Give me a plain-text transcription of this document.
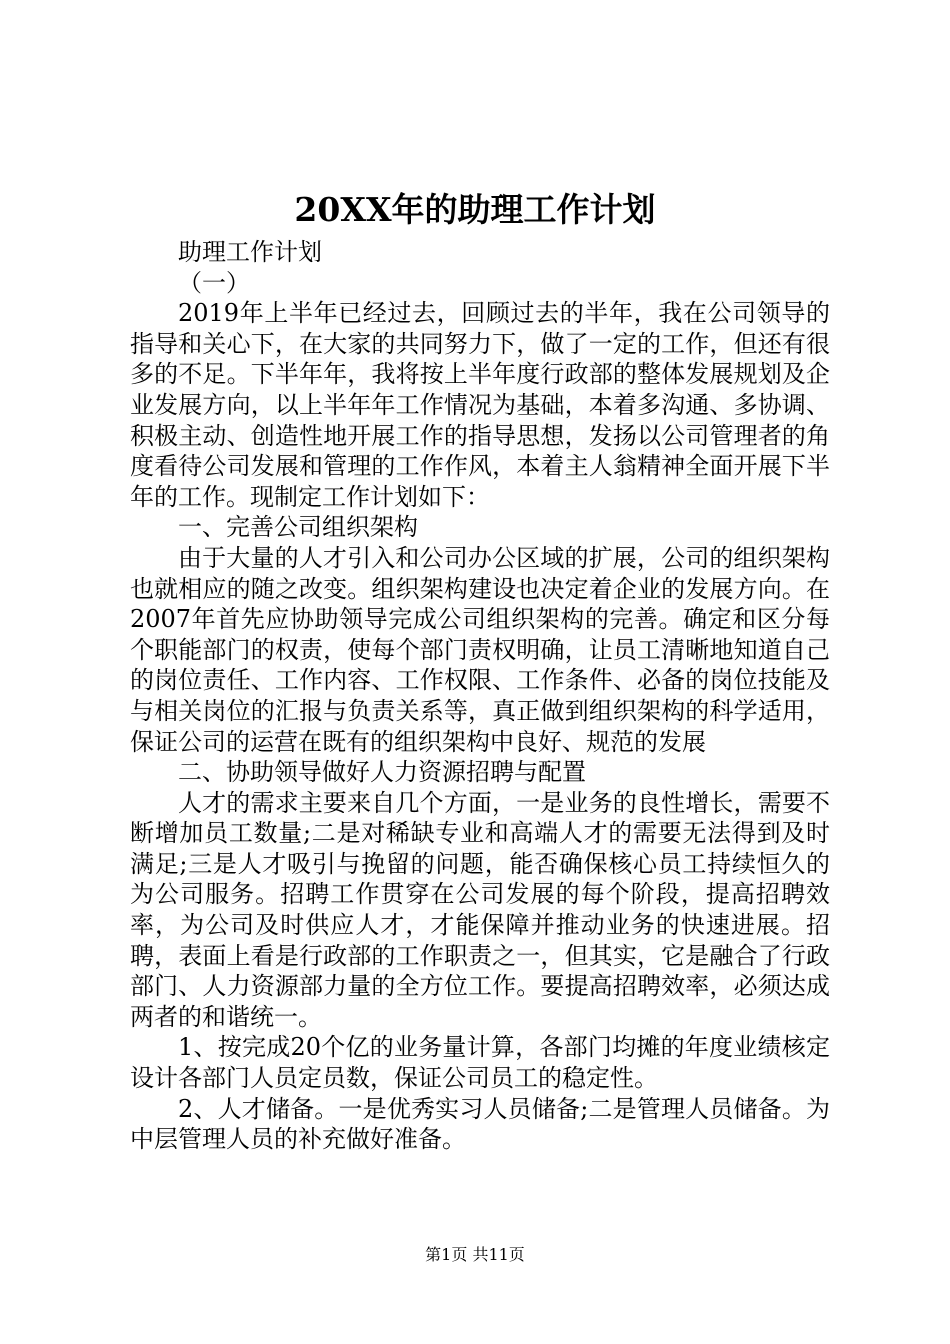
20XX年的助理工作计划

助理工作计划

（一）

2019年上半年已经过去，回顾过去的半年，我在公司领导的指导和关心下，在大家的共同努力下，做了一定的工作，但还有很多的不足。下半年年，我将按上半年度行政部的整体发展规划及企业发展方向，以上半年年工作情况为基础，本着多沟通、多协调、积极主动、创造性地开展工作的指导思想，发扬以公司管理者的角度看待公司发展和管理的工作作风，本着主人翁精神全面开展下半年的工作。现制定工作计划如下：

一、完善公司组织架构

由于大量的人才引入和公司办公区域的扩展，公司的组织架构也就相应的随之改变。组织架构建设也决定着企业的发展方向。在2007年首先应协助领导完成公司组织架构的完善。确定和区分每个职能部门的权责，使每个部门责权明确，让员工清晰地知道自己的岗位责任、工作内容、工作权限、工作条件、必备的岗位技能及与相关岗位的汇报与负责关系等，真正做到组织架构的科学适用，保证公司的运营在既有的组织架构中良好、规范的发展

二、协助领导做好人力资源招聘与配置

人才的需求主要来自几个方面，一是业务的良性增长，需要不断增加员工数量;二是对稀缺专业和高端人才的需要无法得到及时满足;三是人才吸引与挽留的问题，能否确保核心员工持续恒久的为公司服务。招聘工作贯穿在公司发展的每个阶段，提高招聘效率，为公司及时供应人才，才能保障并推动业务的快速进展。招聘，表面上看是行政部的工作职责之一，但其实，它是融合了行政部门、人力资源部力量的全方位工作。要提高招聘效率，必须达成两者的和谐统一。

1、按完成20个亿的业务量计算，各部门均摊的年度业绩核定设计各部门人员定员数，保证公司员工的稳定性。

2、人才储备。一是优秀实习人员储备;二是管理人员储备。为中层管理人员的补充做好准备。

第1页 共11页
